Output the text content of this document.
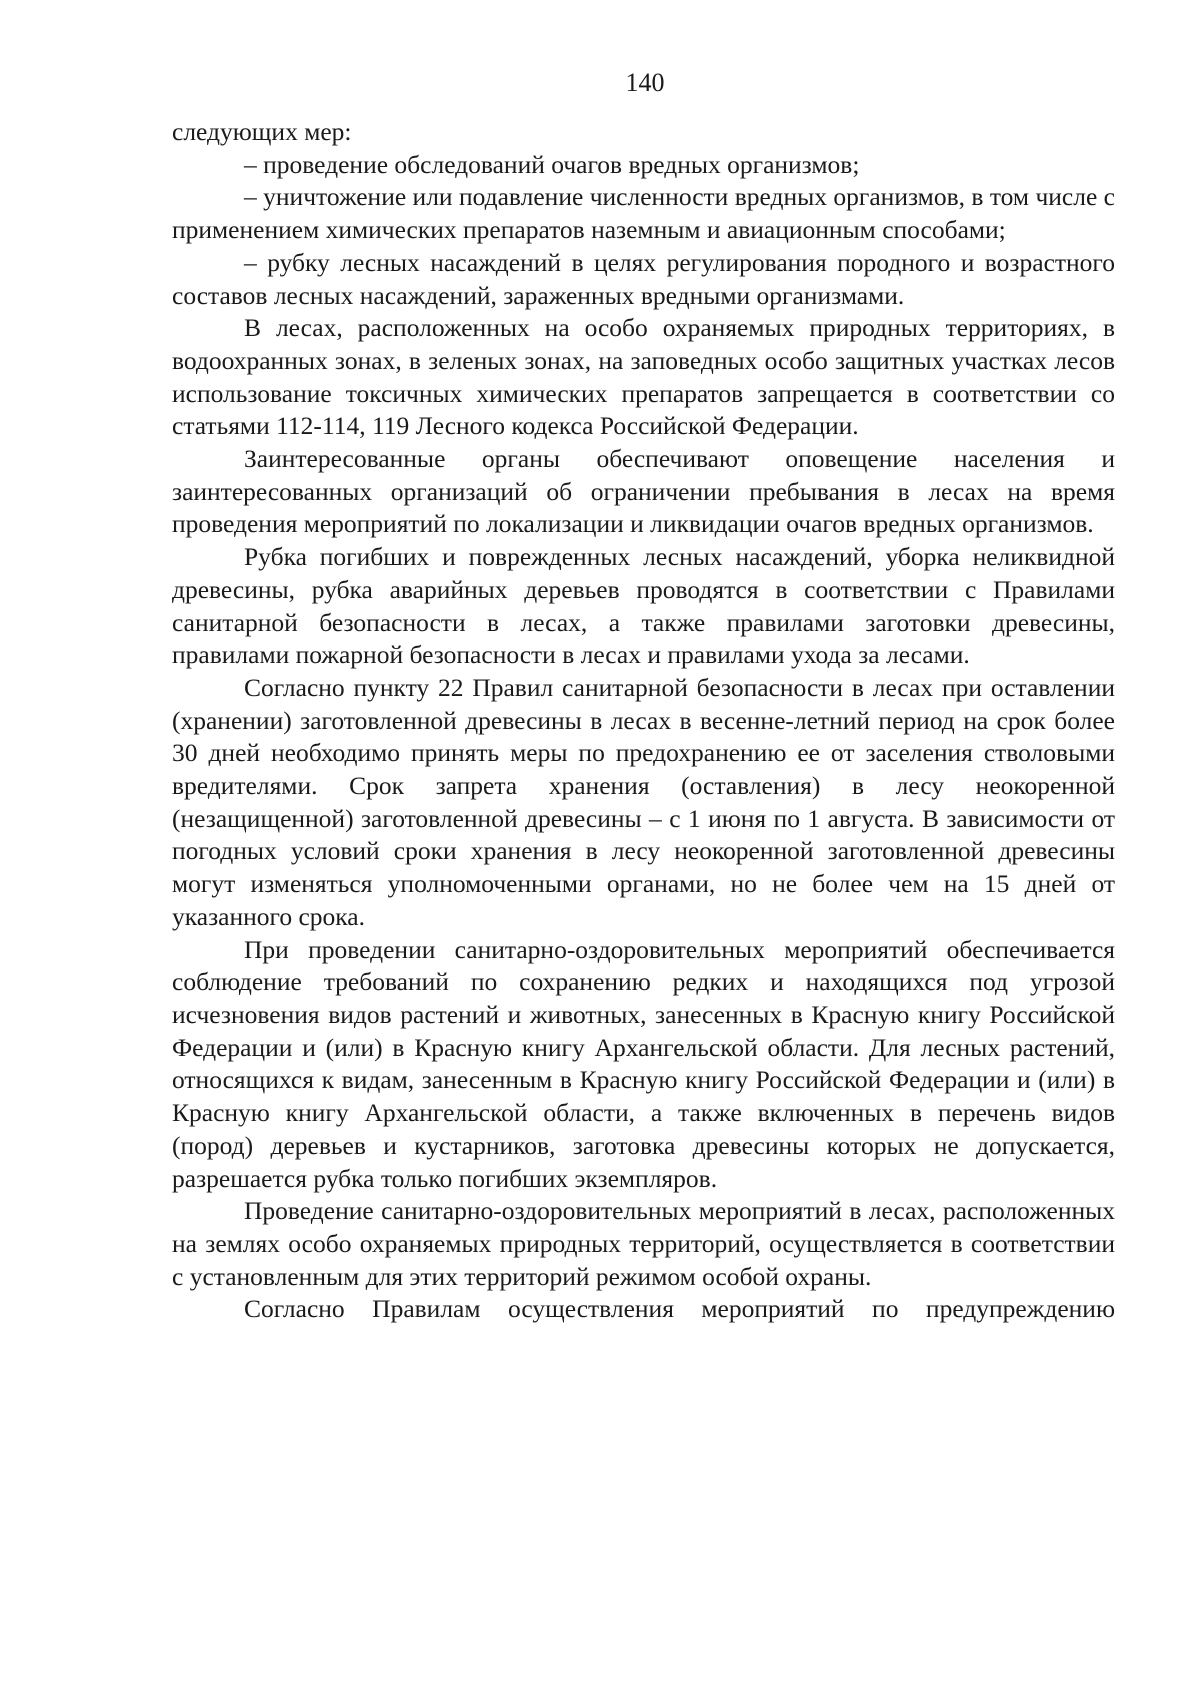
140

следующих мер:

– проведение обследований очагов вредных организмов;

– уничтожение или подавление численности вредных организмов, в том числе с применением химических препаратов наземным и авиационным способами;

– рубку лесных насаждений в целях регулирования породного и возрастного составов лесных насаждений, зараженных вредными организмами.

В лесах, расположенных на особо охраняемых природных территориях, в водоохранных зонах, в зеленых зонах, на заповедных особо защитных участках лесов использование токсичных химических препаратов запрещается в соответствии со статьями 112-114, 119 Лесного кодекса Российской Федерации.

Заинтересованные органы обеспечивают оповещение населения и заинтересованных организаций об ограничении пребывания в лесах на время проведения мероприятий по локализации и ликвидации очагов вредных организмов.

Рубка погибших и поврежденных лесных насаждений, уборка неликвидной древесины, рубка аварийных деревьев проводятся в соответствии с Правилами санитарной безопасности в лесах, а также правилами заготовки древесины, правилами пожарной безопасности в лесах и правилами ухода за лесами.

Согласно пункту 22 Правил санитарной безопасности в лесах при оставлении (хранении) заготовленной древесины в лесах в весенне-летний период на срок более 30 дней необходимо принять меры по предохранению ее от заселения стволовыми вредителями. Срок запрета хранения (оставления) в лесу неокоренной (незащищенной) заготовленной древесины – с 1 июня по 1 августа. В зависимости от погодных условий сроки хранения в лесу неокоренной заготовленной древесины могут изменяться уполномоченными органами, но не более чем на 15 дней от указанного срока.

При проведении санитарно-оздоровительных мероприятий обеспечивается соблюдение требований по сохранению редких и находящихся под угрозой исчезновения видов растений и животных, занесенных в Красную книгу Российской Федерации и (или) в Красную книгу Архангельской области. Для лесных растений, относящихся к видам, занесенным в Красную книгу Российской Федерации и (или) в Красную книгу Архангельской области, а также включенных в перечень видов (пород) деревьев и кустарников, заготовка древесины которых не допускается, разрешается рубка только погибших экземпляров.

Проведение санитарно-оздоровительных мероприятий в лесах, расположенных на землях особо охраняемых природных территорий, осуществляется в соответствии с установленным для этих территорий режимом особой охраны.

Согласно Правилам осуществления мероприятий по предупреждению
